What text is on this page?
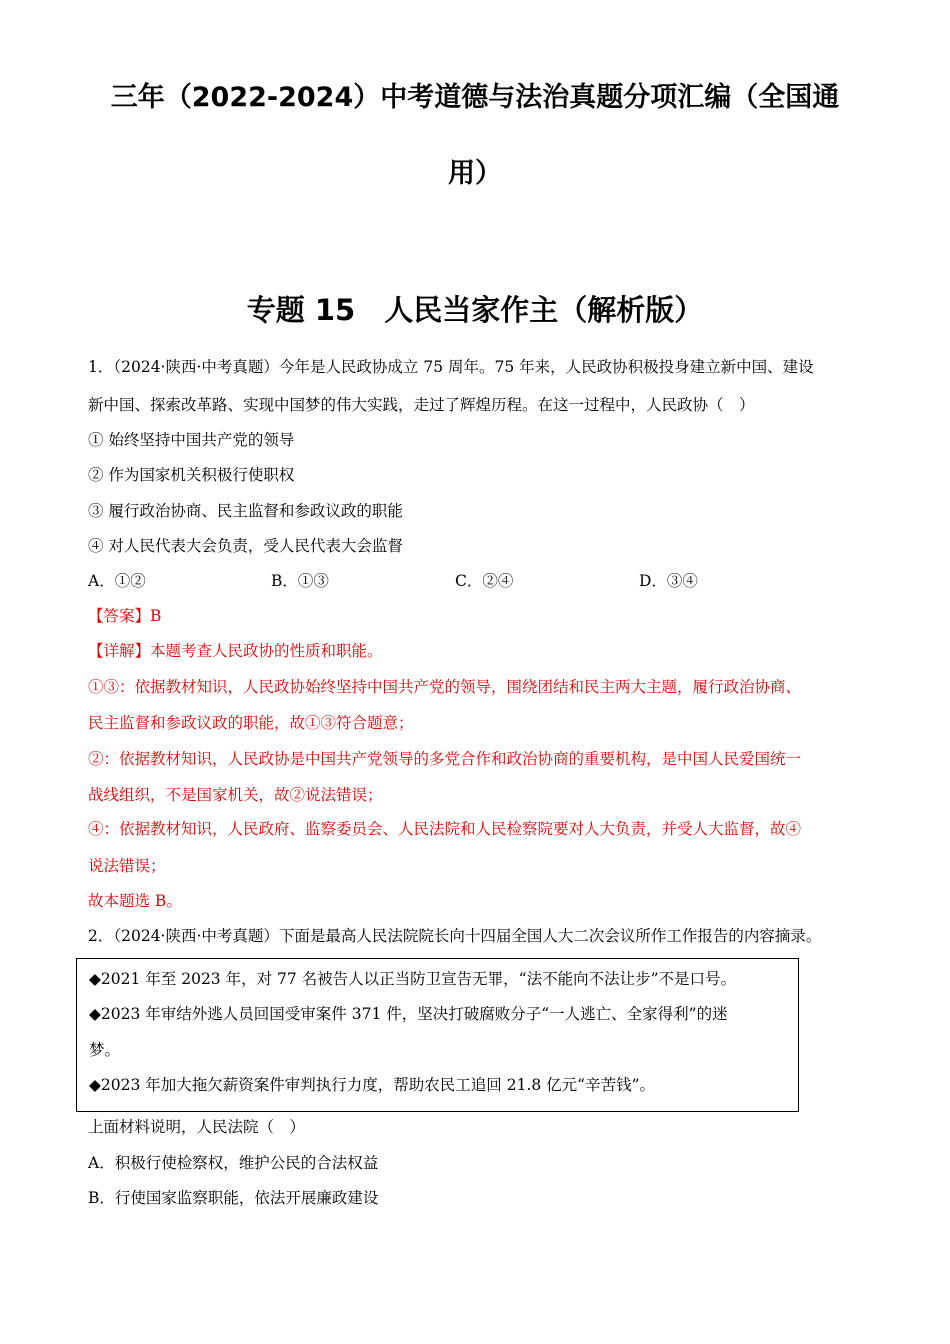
三年（2022-2024）中考道德与法治真题分项汇编（全国通
用）
专题 15　人民当家作主（解析版）
1．（2024·陕西·中考真题）今年是人民政协成立 75 周年。75 年来，人民政协积极投身建立新中国、建设
新中国、探索改革路、实现中国梦的伟大实践，走过了辉煌历程。在这一过程中，人民政协（　）
① 始终坚持中国共产党的领导
② 作为国家机关积极行使职权
③ 履行政治协商、民主监督和参政议政的职能
④ 对人民代表大会负责，受人民代表大会监督
A．①②	B．①③	C．②④	D．③④
【答案】B
【详解】本题考查人民政协的性质和职能。
①③：依据教材知识，人民政协始终坚持中国共产党的领导，围绕团结和民主两大主题，履行政治协商、
民主监督和参政议政的职能，故①③符合题意；
②：依据教材知识，人民政协是中国共产党领导的多党合作和政治协商的重要机构，是中国人民爱国统一
战线组织，不是国家机关，故②说法错误；
④：依据教材知识，人民政府、监察委员会、人民法院和人民检察院要对人大负责，并受人大监督，故④
说法错误；
故本题选 B。
2．（2024·陕西·中考真题）下面是最高人民法院院长向十四届全国人大二次会议所作工作报告的内容摘录。
◆2021 年至 2023 年，对 77 名被告人以正当防卫宣告无罪，“法不能向不法让步”不是口号。
◆2023 年审结外逃人员回国受审案件 371 件，坚决打破腐败分子“一人逃亡、全家得利”的迷
梦。
◆2023 年加大拖欠薪资案件审判执行力度，帮助农民工追回 21.8 亿元“辛苦钱”。
上面材料说明，人民法院（　）
A．积极行使检察权，维护公民的合法权益
B．行使国家监察职能，依法开展廉政建设
